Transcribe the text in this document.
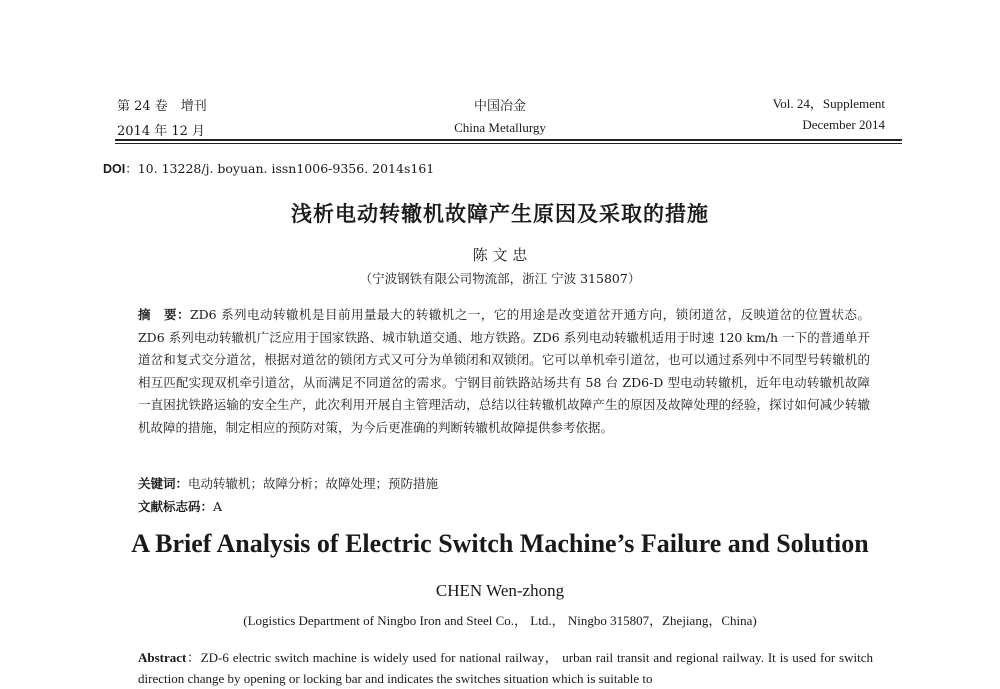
第 24 卷　增刊
2014 年 12 月
中国冶金
China Metallurgy
Vol. 24，Supplement
December 2014
DOI：10. 13228/j. boyuan. issn1006-9356. 2014s161
浅析电动转辙机故障产生原因及采取的措施
陈 文 忠
（宁波钢铁有限公司物流部，浙江 宁波 315807）
摘　要：ZD6 系列电动转辙机是目前用量最大的转辙机之一，它的用途是改变道岔开通方向，锁闭道岔，反映道岔的位置状态。ZD6 系列电动转辙机广泛应用于国家铁路、城市轨道交通、地方铁路。ZD6 系列电动转辙机适用于时速 120 km/h 一下的普通单开道岔和复式交分道岔，根据对道岔的锁闭方式又可分为单锁闭和双锁闭。它可以单机牵引道岔，也可以通过系列中不同型号转辙机的相互匹配实现双机牵引道岔，从而满足不同道岔的需求。宁钢目前铁路站场共有 58 台 ZD6-D 型电动转辙机，近年电动转辙机故障一直困扰铁路运输的安全生产，此次利用开展自主管理活动，总结以往转辙机故障产生的原因及故障处理的经验，探讨如何减少转辙机故障的措施，制定相应的预防对策，为今后更准确的判断转辙机故障提供参考依据。
关键词：电动转辙机；故障分析；故障处理；预防措施
文献标志码：A
A Brief Analysis of Electric Switch Machine’s Failure and Solution
CHEN Wen-zhong
(Logistics Department of Ningbo Iron and Steel Co.， Ltd.， Ningbo 315807，Zhejiang，China)
Abstract：ZD-6 electric switch machine is widely used for national railway， urban rail transit and regional railway. It is used for switch direction change by opening or locking bar and indicates the switches situation which is suitable to
